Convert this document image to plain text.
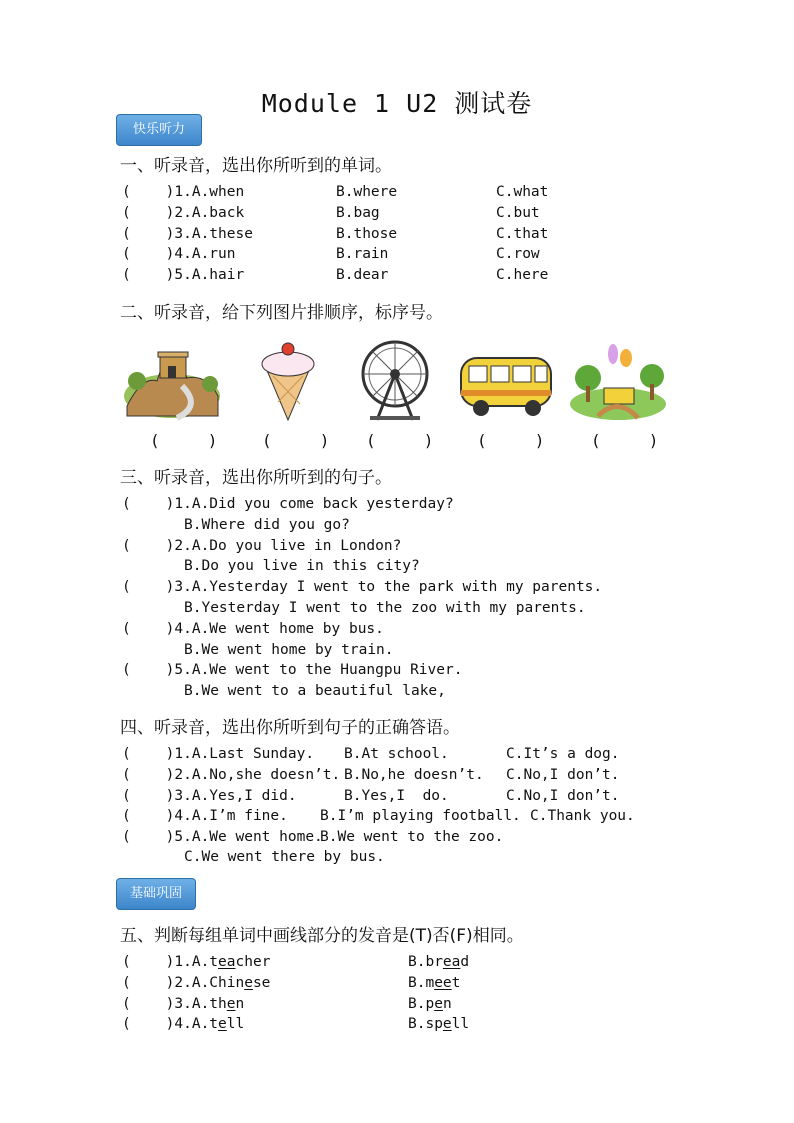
Module 1 U2 测试卷
快乐听力
一、听录音，选出你所听到的单词。
(    )1.A.when	B.where	C.what
(    )2.A.back	B.bag	C.but
(    )3.A.these	B.those	C.that
(    )4.A.run	B.rain	C.row
(    )5.A.hair	B.dear	C.here
二、听录音，给下列图片排顺序，标序号。
(     )	(     ) (     )	(     )	(     )
三、听录音，选出你所听到的句子。
(    )1.A.Did you come back yesterday?
B.Where did you go?
(    )2.A.Do you live in London?
B.Do you live in this city?
(    )3.A.Yesterday I went to the park with my parents.
B.Yesterday I went to the zoo with my parents.
(    )4.A.We went home by bus.
B.We went home by train.
(    )5.A.We went to the Huangpu River.
B.We went to a beautiful lake,
四、听录音，选出你所听到句子的正确答语。
(    )1.A.Last Sunday. B.At school.	C.It’s a dog.
(    )2.A.No,she doesn’t. B.No,he doesn’t. C.No,I don’t.
(    )3.A.Yes,I did.	B.Yes,I  do.	C.No,I don’t.
(    )4.A.I’m fine. B.I’m playing football. C.Thank you.
(    )5.A.We went home.
B.We went to the zoo.
C.We went there by bus.
基础巩固
五、判断每组单词中画线部分的发音是(T)否(F)相同。
(    )1.A.teacher	B.bread
(    )2.A.Chinese	B.meet
(    )3.A.then	B.pen
(    )4.A.tell	B.spell
